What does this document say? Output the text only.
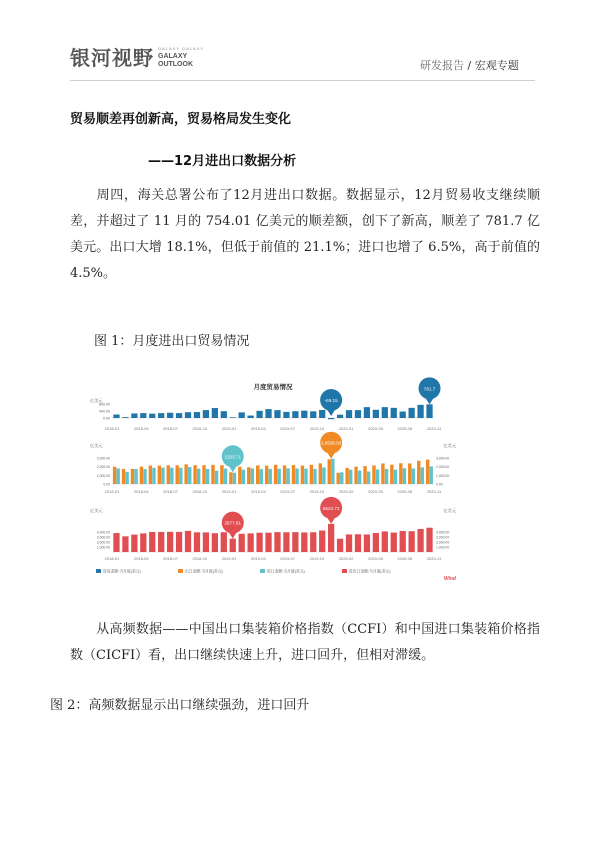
银河视野 GALAXY GALAXY
GALAXY
OUTLOOK	研发报告 / 宏观专题
贸易顺差再创新高，贸易格局发生变化
——12月进出口数据分析
周四，海关总署公布了12月进出口数据。数据显示，12月贸易收支继续顺差，并超过了 11 月的 754.01 亿美元的顺差额，创下了新高，顺差了 781.7 亿美元。出口大增 18.1%，但低于前值的 21.1%；进口也增了 6.5%，高于前值的 4.5%。
图 1：月度进出口贸易情况
月度贸易情况
亿美元
800.00
400.00
0.00
2018-01	2018-04	2018-07	2018-10	2019-01	2019-04	2019-07	2019-10	2020-01	2020-05	2020-08	2020-11
-69.15
781.7
亿美元	亿美元
3,000.00	3,000.00
2,000.00	2,000.00
1,000.00	1,000.00
0.00	0.00
2018-01	2018-04	2018-07	2018-10	2019-01	2019-04	2019-07	2019-10	2020-02	2020-05	2020-08	2020-11
1323.71
2,9506.93
亿美元	亿美元
4,000.00	4,000.00
3,000.00	3,000.00
2,000.00	2,000.00
1,000.00	1,000.00
2018-01	2018-04	2018-07	2018-10	2019-01	2019-04	2019-07	2019-10	2020-02	2020-05	2020-08	2020-11
2677.81
5624.71
贸易差额:当月值(美元)	出口金额:当月值(美元)	进口金额:当月值(美元)	进出口金额:当月值(美元)
Wind
从高频数据——中国出口集装箱价格指数（CCFI）和中国进口集装箱价格指数（CICFI）看，出口继续快速上升，进口回升，但相对滞缓。
图 2：高频数据显示出口继续强劲，进口回升
